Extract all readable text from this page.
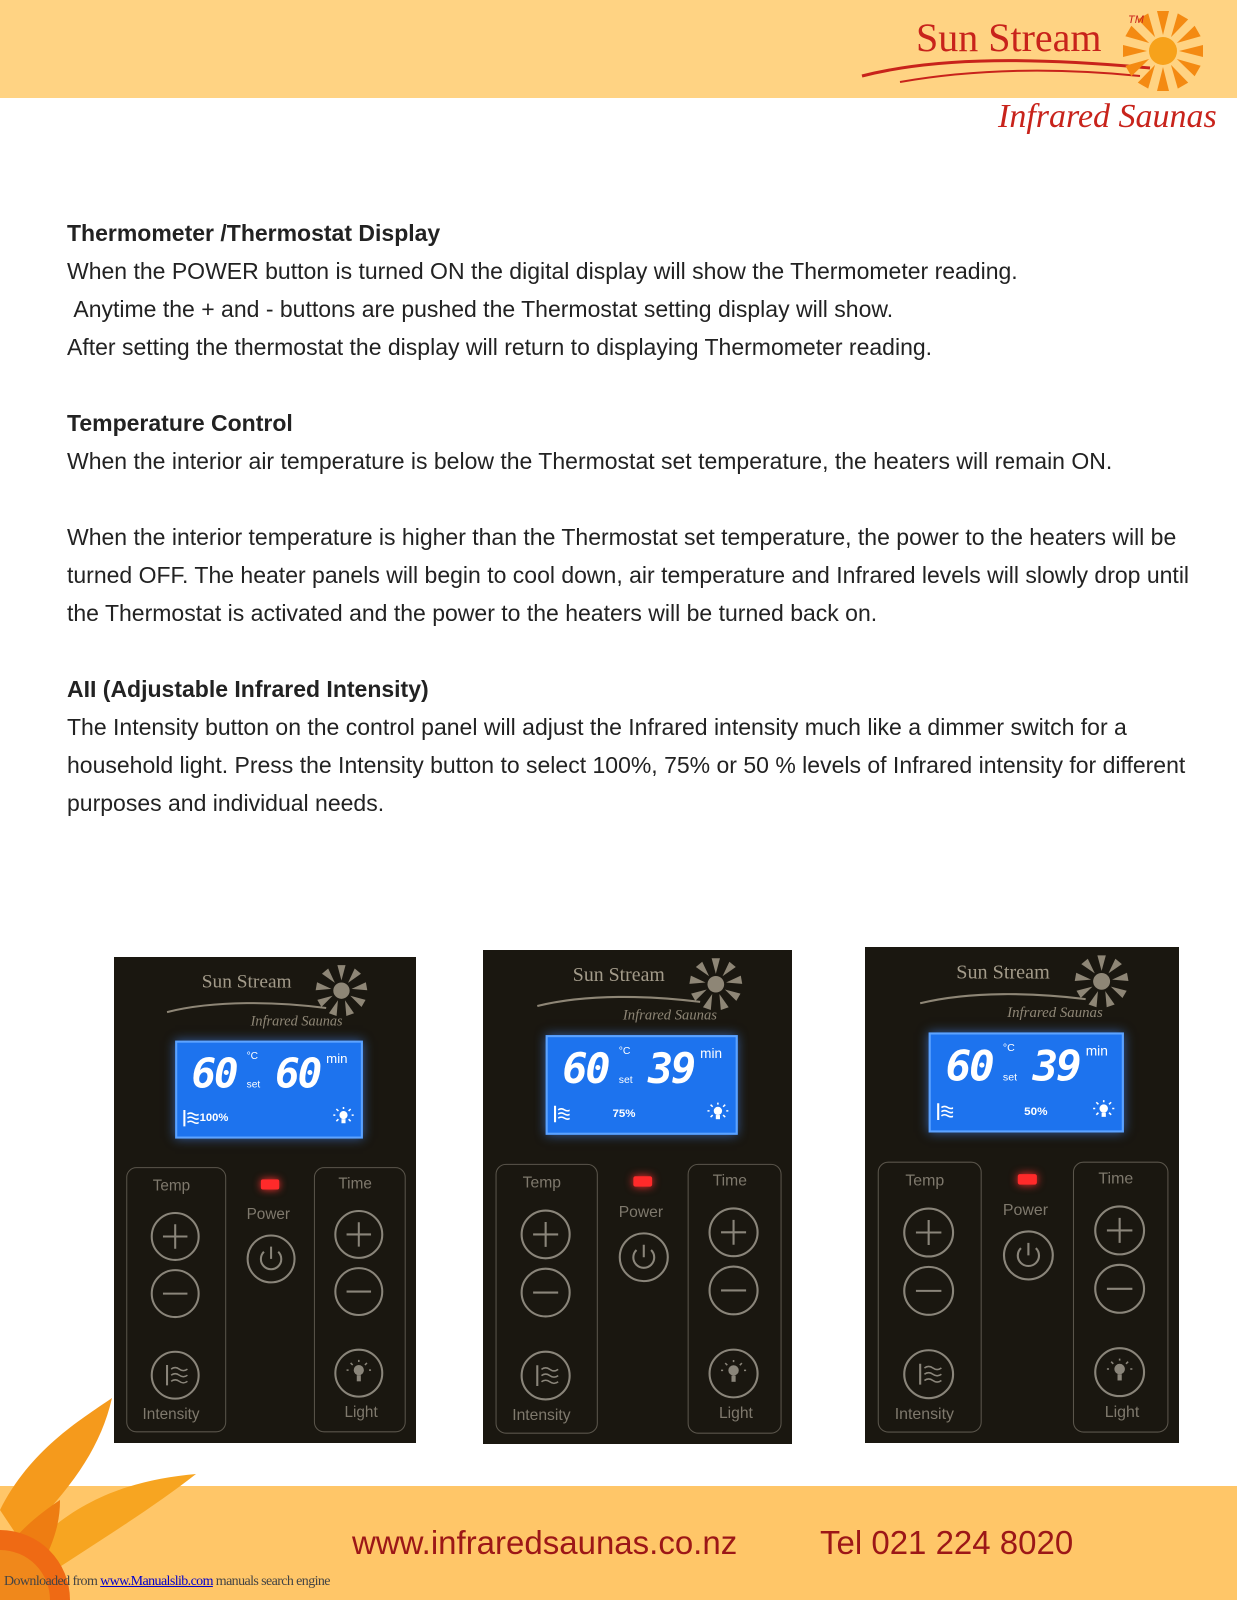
Sun Stream TM
Infrared Saunas
Thermometer /Thermostat Display

When the POWER button is turned ON the digital display will show the Thermometer reading.

Anytime the + and - buttons are pushed the Thermostat setting display will show.

After setting the thermostat the display will return to displaying Thermometer reading.

Temperature Control

When the interior air temperature is below the Thermostat set temperature, the heaters will remain ON.

When the interior temperature is higher than the Thermostat set temperature, the power to the heaters will be turned OFF. The heater panels will begin to cool down, air temperature and Infrared levels will slowly drop until the Thermostat is activated and the power to the heaters will be turned back on.

AII (Adjustable Infrared Intensity)

The Intensity button on the control panel will adjust the Infrared intensity much like a dimmer switch for a household light. Press the Intensity button to select 100%, 75% or 50 % levels of Infrared intensity for different purposes and individual needs.

Sun Stream
Infrared Saunas
60 °C
set 60 min
100%
Temp	Time
Power
Intensity	Light
Sun Stream
Infrared Saunas
60 °C
set 39 min
75%
Temp	Time
Power
Intensity	Light
Sun Stream
Infrared Saunas
60 °C
set 39 min
50%
Temp	Time
Power
Intensity	Light
www.infraredsaunas.co.nz	Tel 021 224 8020
Downloaded from www.Manualslib.com manuals search engine
